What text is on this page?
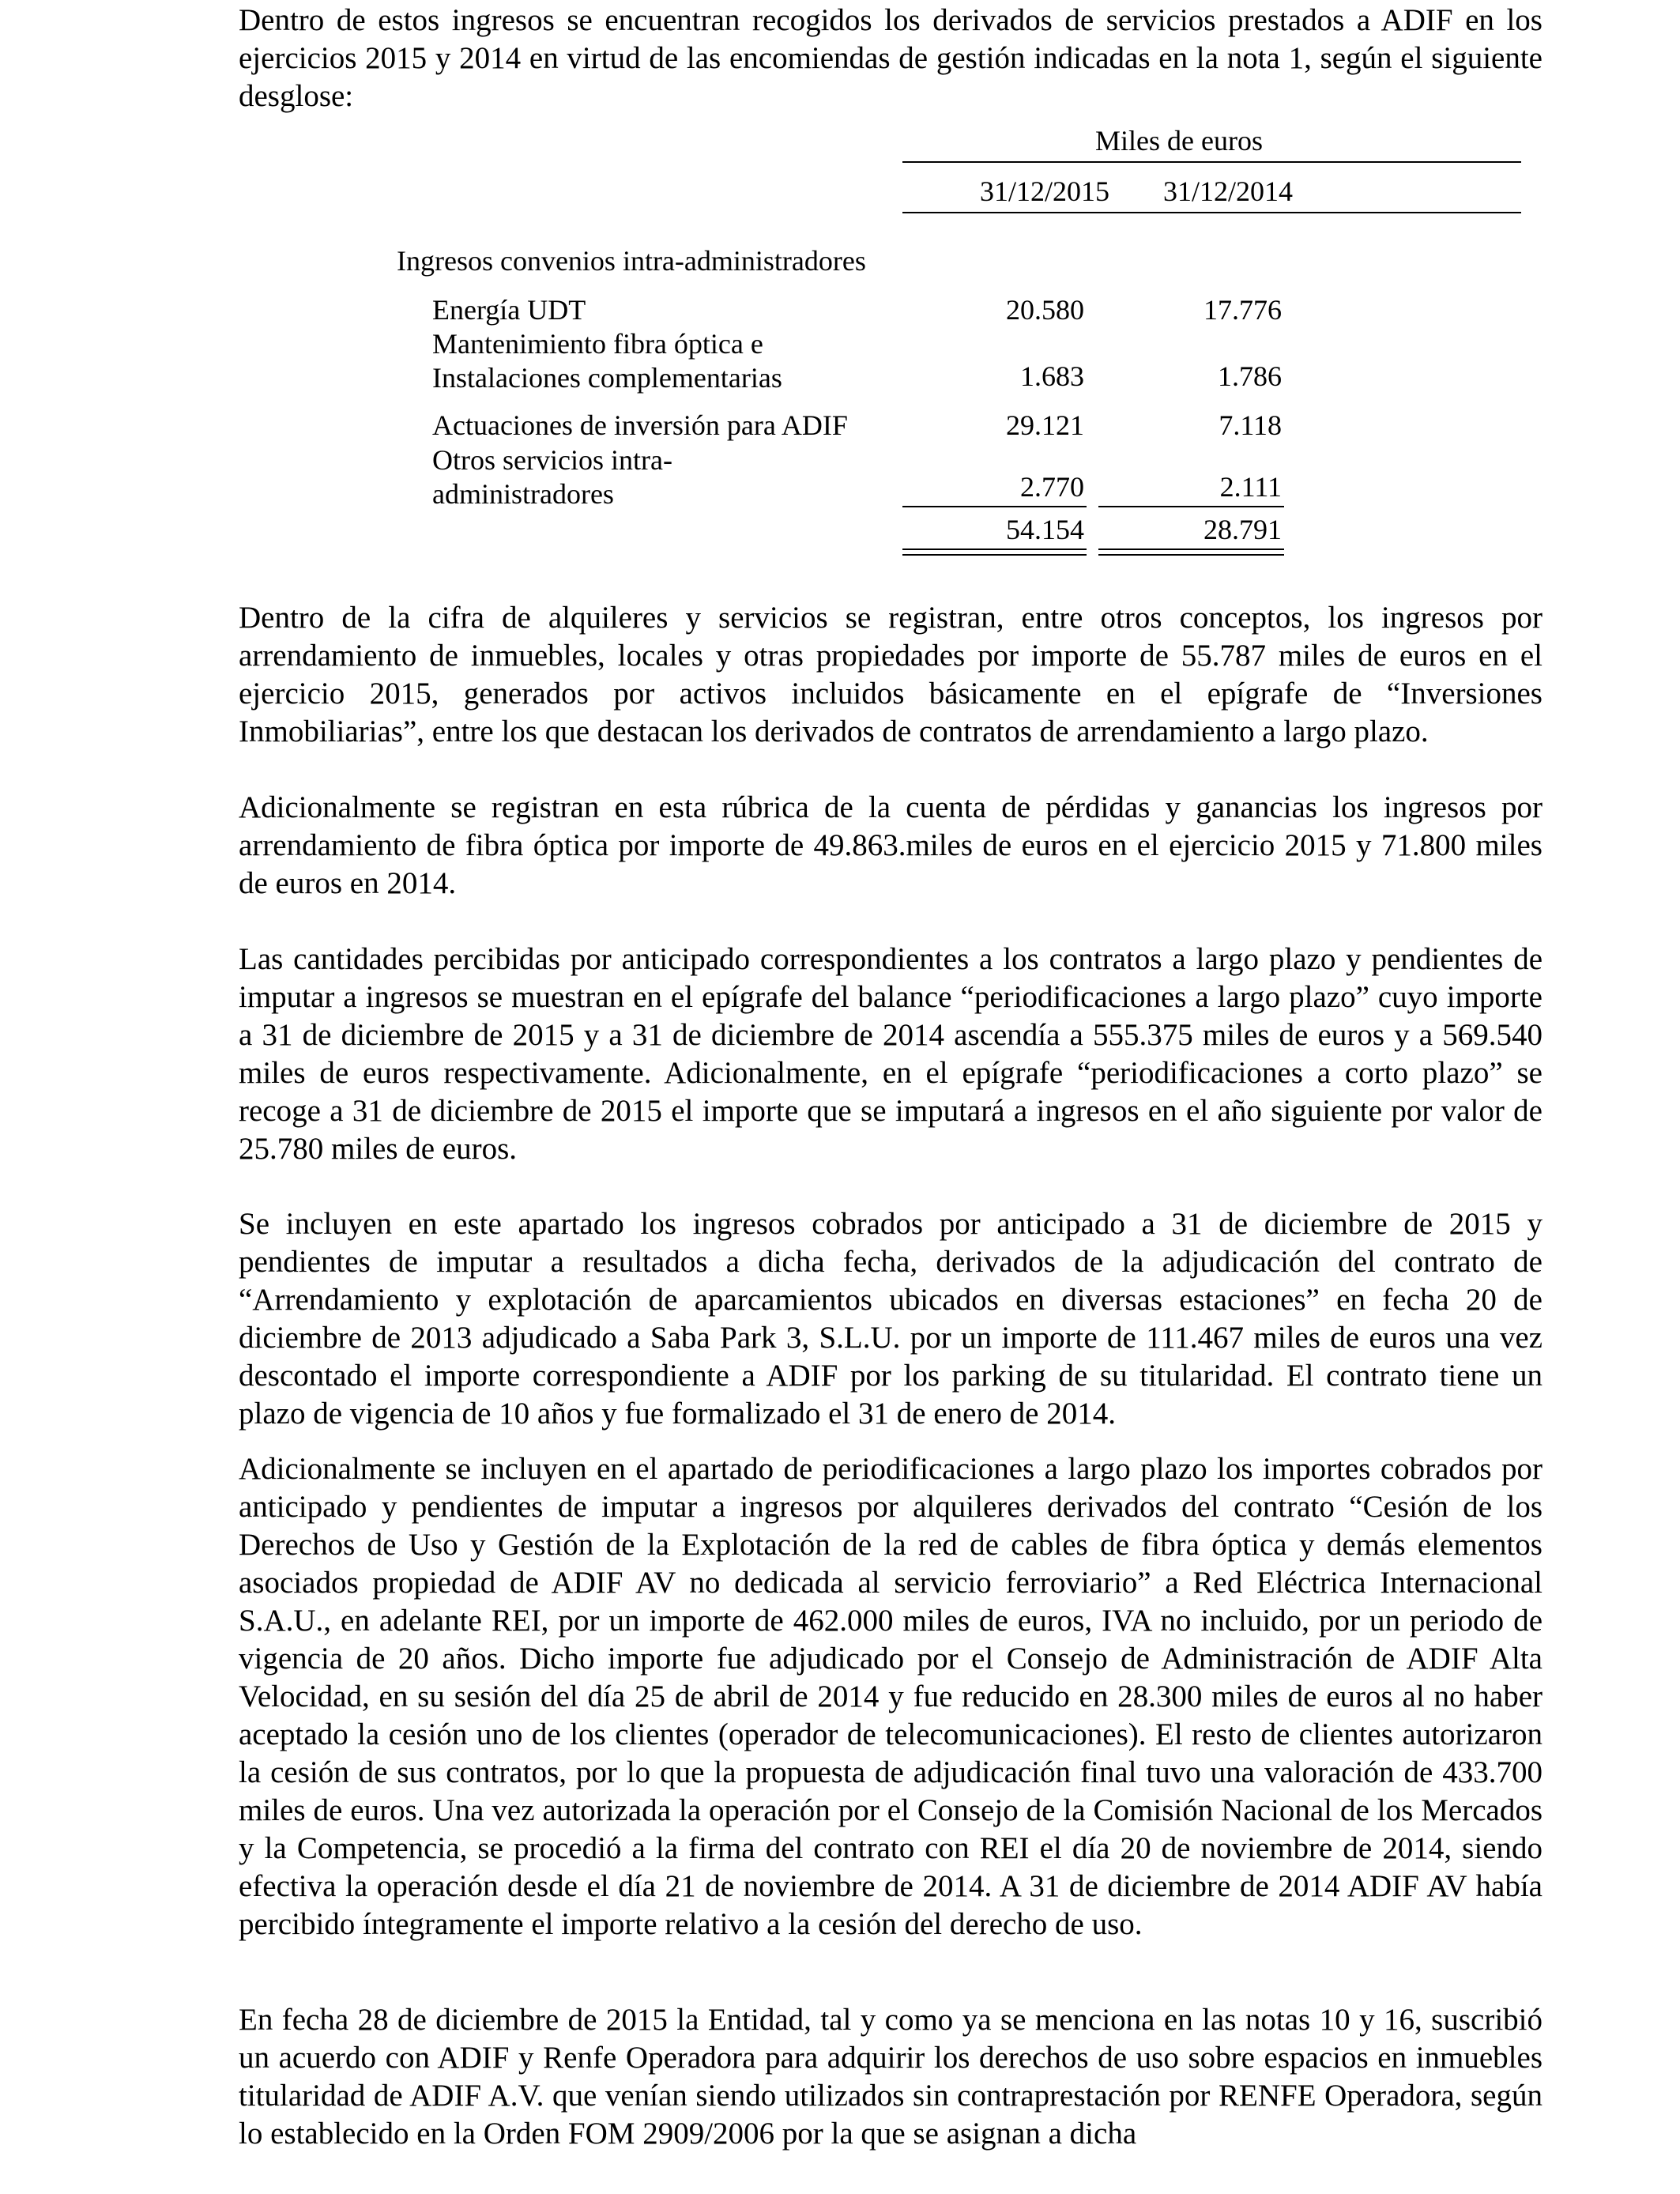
Dentro de estos ingresos se encuentran recogidos los derivados de servicios prestados a ADIF en los ejercicios 2015 y 2014 en virtud de las encomiendas de gestión indicadas en la nota 1, según el siguiente desglose:

Miles de euros
31/12/2015	31/12/2014
Ingresos convenios intra-administradores
Energía UDT	20.580	17.776
Mantenimiento fibra óptica e
Instalaciones complementarias	1.683	1.786
Actuaciones de inversión para ADIF	29.121	7.118
Otros servicios intra-
administradores	2.770	2.111
54.154	28.791

Dentro de la cifra de alquileres y servicios se registran, entre otros conceptos, los ingresos por arrendamiento de inmuebles, locales y otras propiedades por importe de 55.787 miles de euros en el ejercicio 2015, generados por activos incluidos básicamente en el epígrafe de “Inversiones Inmobiliarias”, entre los que destacan los derivados de contratos de arrendamiento a largo plazo.

Adicionalmente se registran en esta rúbrica de la cuenta de pérdidas y ganancias los ingresos por arrendamiento de fibra óptica por importe de 49.863.miles de euros en el ejercicio 2015 y 71.800 miles de euros en 2014.

Las cantidades percibidas por anticipado correspondientes a los contratos a largo plazo y pendientes de imputar a ingresos se muestran en el epígrafe del balance “periodificaciones a largo plazo” cuyo importe a 31 de diciembre de 2015 y a 31 de diciembre de 2014 ascendía a 555.375 miles de euros y a 569.540 miles de euros respectivamente. Adicionalmente, en el epígrafe “periodificaciones a corto plazo” se recoge a 31 de diciembre de 2015 el importe que se imputará a ingresos en el año siguiente por valor de 25.780 miles de euros.

Se incluyen en este apartado los ingresos cobrados por anticipado a 31 de diciembre de 2015 y pendientes de imputar a resultados a dicha fecha, derivados de la adjudicación del contrato de “Arrendamiento y explotación de aparcamientos ubicados en diversas estaciones” en fecha 20 de diciembre de 2013 adjudicado a Saba Park 3, S.L.U. por un importe de 111.467 miles de euros una vez descontado el importe correspondiente a ADIF por los parking de su titularidad. El contrato tiene un plazo de vigencia de 10 años y fue formalizado el 31 de enero de 2014.

Adicionalmente se incluyen en el apartado de periodificaciones a largo plazo los importes cobrados por anticipado y pendientes de imputar a ingresos por alquileres derivados del contrato “Cesión de los Derechos de Uso y Gestión de la Explotación de la red de cables de fibra óptica y demás elementos asociados propiedad de ADIF AV no dedicada al servicio ferroviario” a Red Eléctrica Internacional S.A.U., en adelante REI, por un importe de 462.000 miles de euros, IVA no incluido, por un periodo de vigencia de 20 años. Dicho importe fue adjudicado por el Consejo de Administración de ADIF Alta Velocidad, en su sesión del día 25 de abril de 2014 y fue reducido en 28.300 miles de euros al no haber aceptado la cesión uno de los clientes (operador de telecomunicaciones). El resto de clientes autorizaron la cesión de sus contratos, por lo que la propuesta de adjudicación final tuvo una valoración de 433.700 miles de euros. Una vez autorizada la operación por el Consejo de la Comisión Nacional de los Mercados y la Competencia, se procedió a la firma del contrato con REI el día 20 de noviembre de 2014, siendo efectiva la operación desde el día 21 de noviembre de 2014. A 31 de diciembre de 2014 ADIF AV había percibido íntegramente el importe relativo a la cesión del derecho de uso.

En fecha 28 de diciembre de 2015 la Entidad, tal y como ya se menciona en las notas 10 y 16, suscribió un acuerdo con ADIF y Renfe Operadora para adquirir los derechos de uso sobre espacios en inmuebles titularidad de ADIF A.V. que venían siendo utilizados sin contraprestación por RENFE Operadora, según lo establecido en la Orden FOM 2909/2006 por la que se asignan a dicha
